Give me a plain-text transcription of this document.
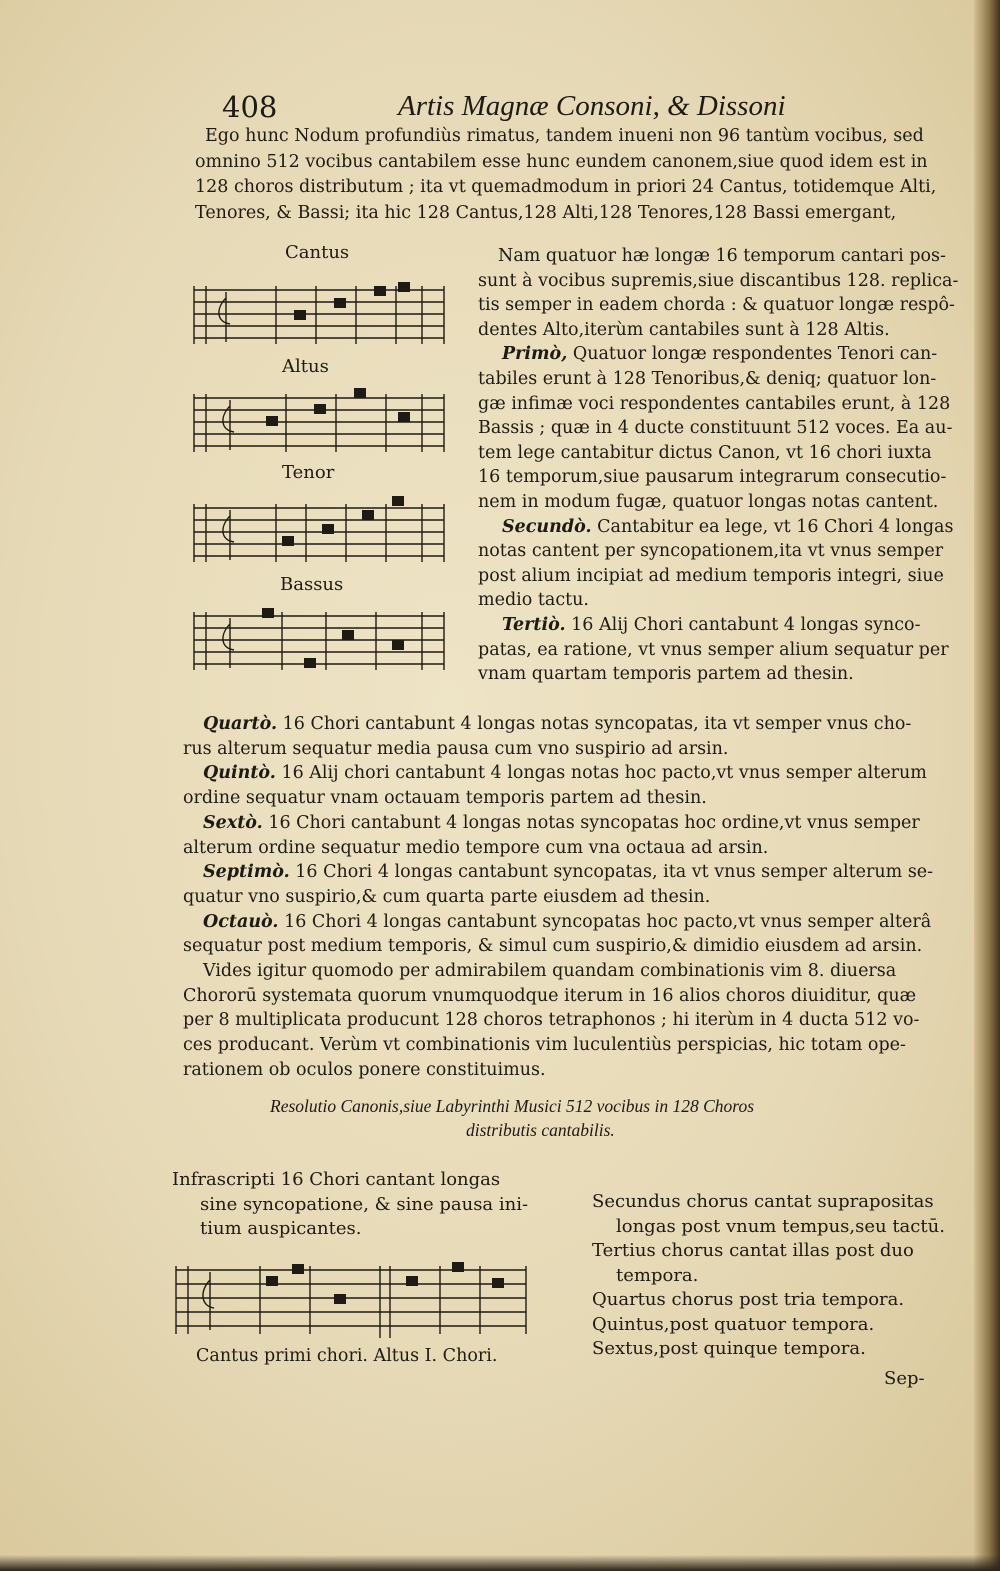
408	Artis Magnæ Consoni, & Dissoni
Ego hunc Nodum profundiùs rimatus, tandem inueni non 96 tantùm vocibus, sed
omnino 512 vocibus cantabilem esse hunc eundem canonem,siue quod idem est in
128 choros distributum ; ita vt quemadmodum in priori 24 Cantus, totidemque Alti,
Tenores, & Bassi; ita hic 128 Cantus,128 Alti,128 Tenores,128 Bassi emergant,
Cantus
Altus
Tenor
Bassus
Nam quatuor hæ longæ 16 temporum cantari pos-
sunt à vocibus supremis,siue discantibus 128. replica-
tis semper in eadem chorda : & quatuor longæ respô-
dentes Alto,iterùm cantabiles sunt à 128 Altis.
Primò, Quatuor longæ respondentes Tenori can-
tabiles erunt à 128 Tenoribus,& deniq; quatuor lon-
gæ infimæ voci respondentes cantabiles erunt, à 128
Bassis ; quæ in 4 ducte constituunt 512 voces. Ea au-
tem lege cantabitur dictus Canon, vt 16 chori iuxta
16 temporum,siue pausarum integrarum consecutio-
nem in modum fugæ, quatuor longas notas cantent.
Secundò. Cantabitur ea lege, vt 16 Chori 4 longas
notas cantent per syncopationem,ita vt vnus semper
post alium incipiat ad medium temporis integri, siue
medio tactu.
Tertiò. 16 Alij Chori cantabunt 4 longas synco-
patas, ea ratione, vt vnus semper alium sequatur per
vnam quartam temporis partem ad thesin.
Quartò. 16 Chori cantabunt 4 longas notas syncopatas, ita vt semper vnus cho-
rus alterum sequatur media pausa cum vno suspirio ad arsin.
Quintò. 16 Alij chori cantabunt 4 longas notas hoc pacto,vt vnus semper alterum
ordine sequatur vnam octauam temporis partem ad thesin.
Sextò. 16 Chori cantabunt 4 longas notas syncopatas hoc ordine,vt vnus semper
alterum ordine sequatur medio tempore cum vna octaua ad arsin.
Septimò. 16 Chori 4 longas cantabunt syncopatas, ita vt vnus semper alterum se-
quatur vno suspirio,& cum quarta parte eiusdem ad thesin.
Octauò. 16 Chori 4 longas cantabunt syncopatas hoc pacto,vt vnus semper alterâ
sequatur post medium temporis, & simul cum suspirio,& dimidio eiusdem ad arsin.
Vides igitur quomodo per admirabilem quandam combinationis vim 8. diuersa
Chororū systemata quorum vnumquodque iterum in 16 alios choros diuiditur, quæ
per 8 multiplicata producunt 128 choros tetraphonos ; hi iterùm in 4 ducta 512 vo-
ces producant. Verùm vt combinationis vim luculentiùs perspicias, hic totam ope-
rationem ob oculos ponere constituimus.
Resolutio Canonis,siue Labyrinthi Musici 512 vocibus in 128 Choros
distributis cantabilis.
Infrascripti 16 Chori cantant longas
sine syncopatione, & sine pausa ini-
tium auspicantes.
Cantus primi chori. Altus I. Chori.
Secundus chorus cantat suprapositas
longas post vnum tempus,seu tactū.
Tertius chorus cantat illas post duo
tempora.
Quartus chorus post tria tempora.
Quintus,post quatuor tempora.
Sextus,post quinque tempora.
Sep-
